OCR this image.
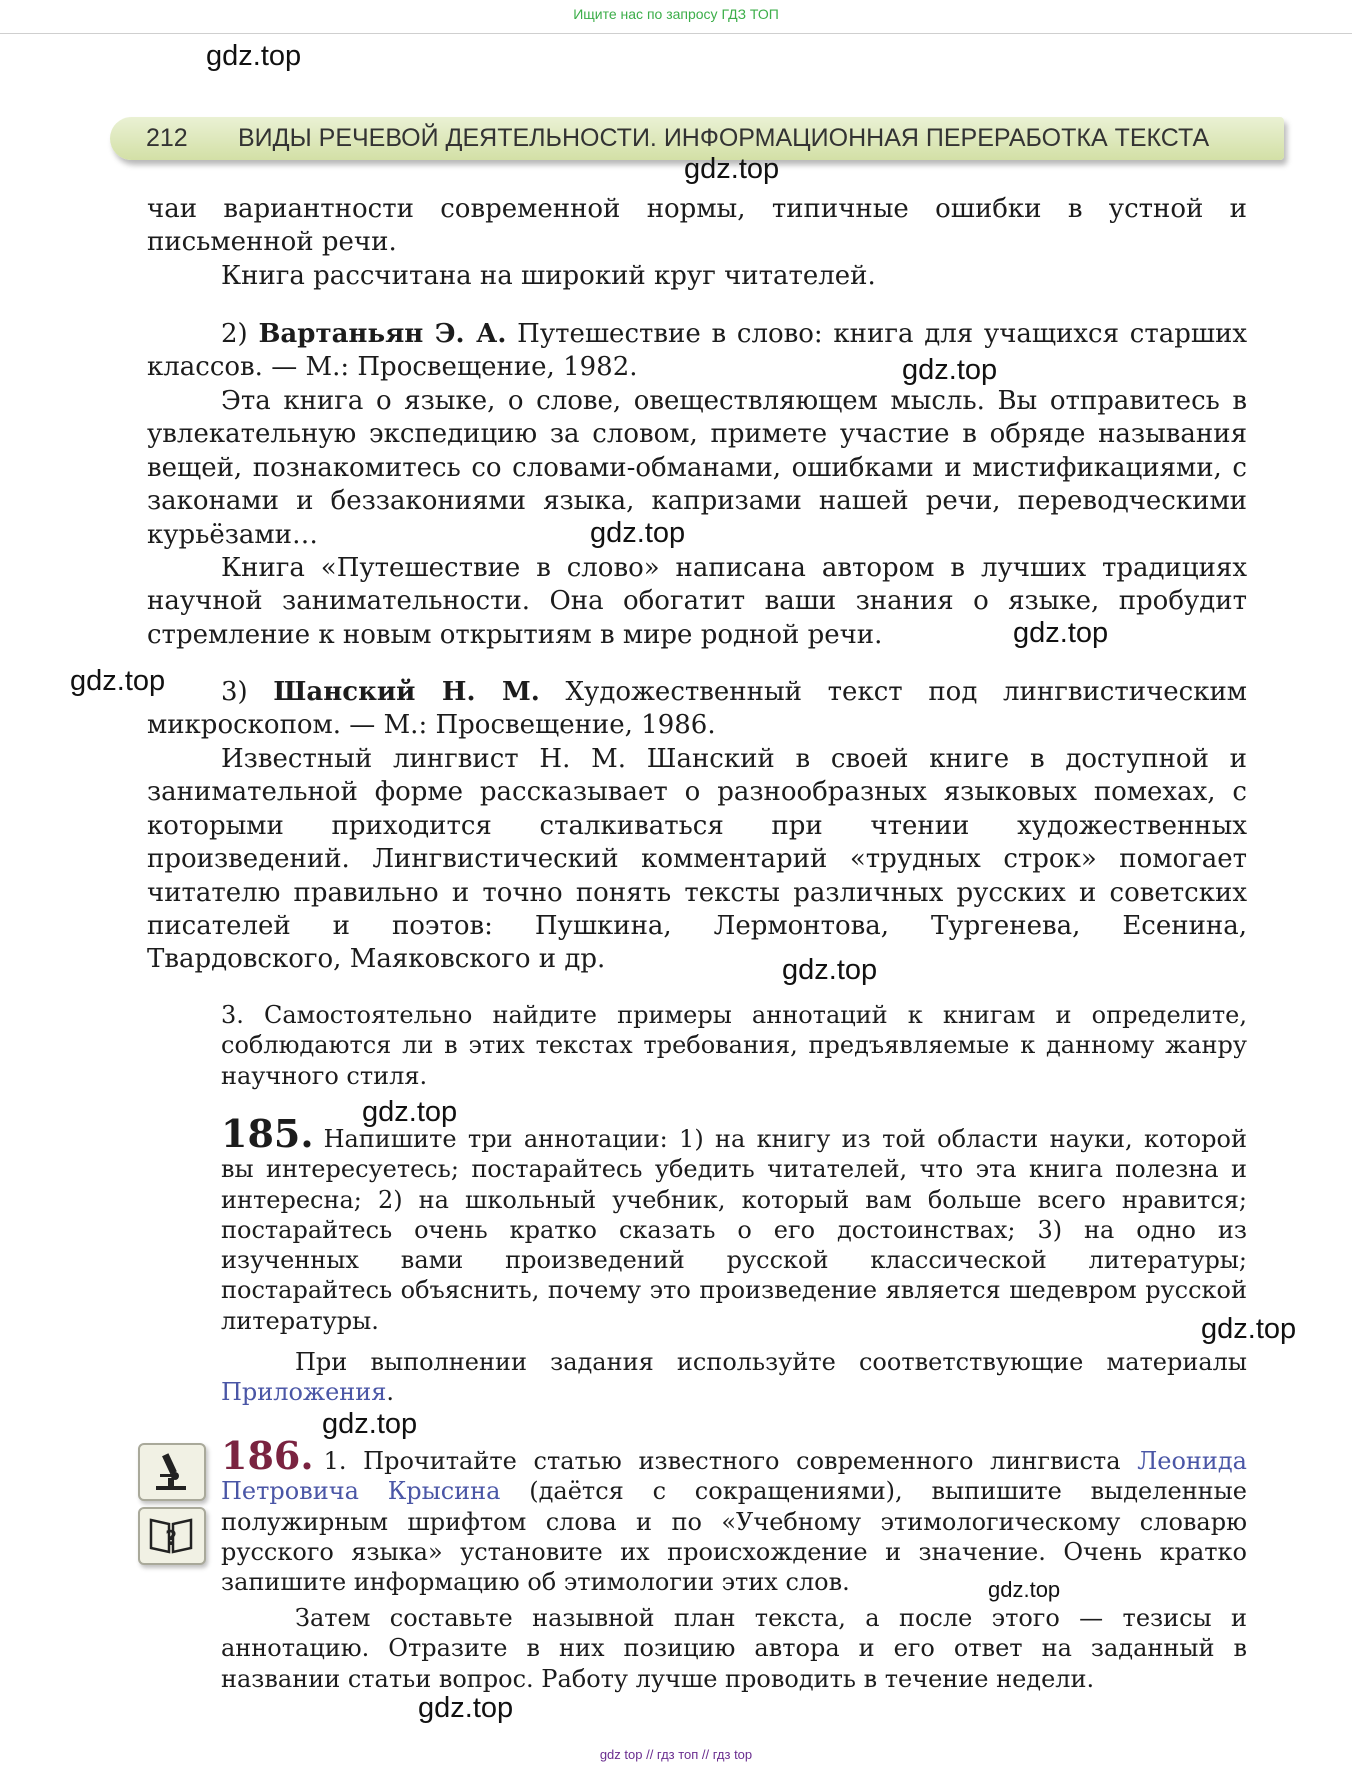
Ищите нас по запросу ГДЗ ТОП
212 ВИДЫ РЕЧЕВОЙ ДЕЯТЕЛЬНОСТИ. ИНФОРМАЦИОННАЯ ПЕРЕРАБОТКА ТЕКСТА

чаи вариантности современной нормы, типичные ошибки в устной и письменной речи.

Книга рассчитана на широкий круг читателей.

2) Вартаньян Э. А. Путешествие в слово: книга для учащихся старших классов. — М.: Просвещение, 1982.

Эта книга о языке, о слове, овеществляющем мысль. Вы отправитесь в увлекательную экспедицию за словом, примете участие в обряде называния вещей, познакомитесь со словами-обманами, ошибками и мистификациями, с законами и беззакониями языка, капризами нашей речи, переводческими курьёзами…

Книга «Путешествие в слово» написана автором в лучших традициях научной занимательности. Она обогатит ваши знания о языке, пробудит стремление к новым открытиям в мире родной речи.

3) Шанский Н. М. Художественный текст под лингвистическим микроскопом. — М.: Просвещение, 1986.

Известный лингвист Н. М. Шанский в своей книге в доступной и занимательной форме рассказывает о разнообразных языковых помехах, с которыми приходится сталкиваться при чтении художественных произведений. Лингвистический комментарий «трудных строк» помогает читателю правильно и точно понять тексты различных русских и советских писателей и поэтов: Пушкина, Лермонтова, Тургенева, Есенина, Твардовского, Маяковского и др.

3. Самостоятельно найдите примеры аннотаций к книгам и определите, соблюдаются ли в этих текстах требования, предъявляемые к данному жанру научного стиля.

185. Напишите три аннотации: 1) на книгу из той области науки, которой вы интересуетесь; постарайтесь убедить читателей, что эта книга полезна и интересна; 2) на школьный учебник, который вам больше всего нравится; постарайтесь очень кратко сказать о его достоинствах; 3) на одно из изученных вами произведений русской классической литературы; постарайтесь объяснить, почему это произведение является шедевром русской литературы.

При выполнении задания используйте соответствующие материалы Приложения.

?

186. 1. Прочитайте статью известного современного лингвиста Леонида Петровича Крысина (даётся с сокращениями), выпишите выделенные полужирным шрифтом слова и по «Учебному этимологическому словарю русского языка» установите их происхождение и значение. Очень кратко запишите информацию об этимологии этих слов.

Затем составьте назывной план текста, а после этого — тезисы и аннотацию. Отразите в них позицию автора и его ответ на заданный в названии статьи вопрос. Работу лучше проводить в течение недели.

gdz.top
gdz.top
gdz.top
gdz.top
gdz.top
gdz.top
gdz.top
gdz.top
gdz.top
gdz.top
gdz.top
gdz.top
gdz top // гдз топ // гдз top
